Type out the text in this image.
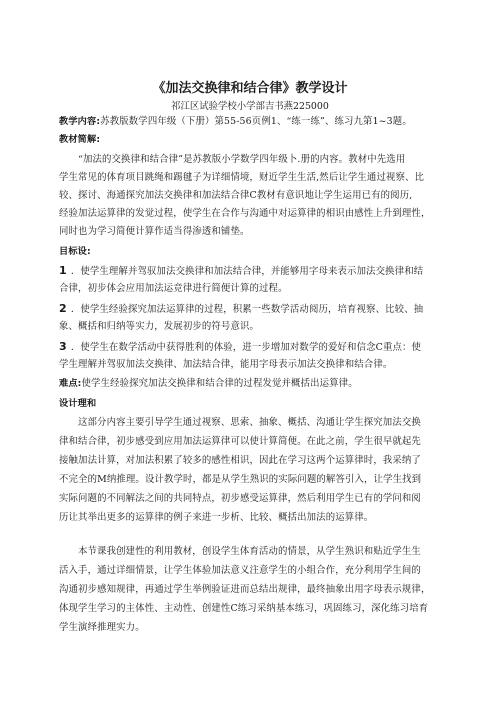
《加法交换律和结合律》教学设计
祁江区试验学校小学部吉书燕225000
教学内容:苏教版数学四年级（下册）第55-56页例1、“练一练”、练习九第1~3题。
教材简解:
“加法的交换律和结合律”是苏教版小学数学四年级卜.册的内容。教材中先选用
学生常见的体育项目跳绳和踢毽子为详细情境，财近学生生活,然后让学生通过视察、比
较、探讨、海通探究加法交换律和加法结合律C教材有意识地让学生运用已有的阅历,
经验加法运算律的发觉过程，使学生在合作与沟通中对运算律的相识由感性上升到理性，
同时也为学习简便计算作适当得渗透和铺垫。
目标设:
1 ．使学生理解并驾驭加法交换律和加法结合律，并能够用字母来表示加法交换律和结
合律，初步体会应用加法运竞律进行简便计算的过程。
2 ．使学生经验探究加法运算律的过程，积累一些数学活动阅历，培育视察、比较、抽
象、概括和归纳等实力，发展初步的符号意识。
3 ．使学生在数学活动中获得胜利的体验，进一步增加对数学的爱好和信念C重点：使
学生理解并驾驭加法交换律、加法结合律，能用字母表示加法交换律和结合律。
难点:使学生经验探究加法交换律和结合律的过程发觉并概括出运算律。
设计理和
这部分内容主要引导学生通过视察、思索、抽象、概括、沟通让学生探究加法交换
律和结合律，初步感受到应用加法运算律可以使计算简便。在此之前，学生很早就起先
接触加法计算，对加法积累了较多的感性相识，因此在学习这两个运算律时，我采纳了
不完全的M纳推理。设计教学时，都是从学生熟识的实际问题的解答引入，让学生找到
实际问题的不同解法之间的共同特点，初步感受运算律，然后利用学生已有的学问和阅
历让其举出更多的运算律的例子来进一步析、比较、概括出加法的运算律。
本节课我创建性的利用教材，创设学生体育活动的情景，从学生熟识和贴近学生生
活入手，通过详细情景，让学生体验加法意义注意学生的小组合作，充分利用学生间的
沟通初步感知规律，再通过学生举例验证进而总结出规律，最终抽象出用字母表示规律，
体现学生学习的主体性、主动性、创建性C练习采纳基本练习，巩固练习，深化练习培育
学生演绎推理实力。
